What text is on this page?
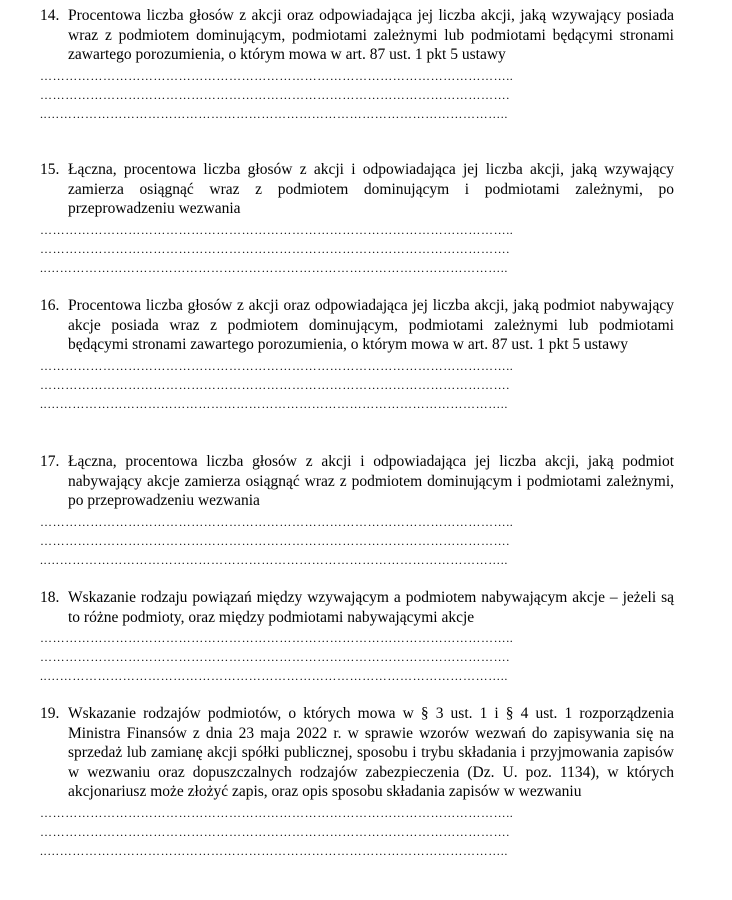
14. Procentowa liczba głosów z akcji oraz odpowiadająca jej liczba akcji, jaką wzywający posiada wraz z podmiotem dominującym, podmiotami zależnymi lub podmiotami będącymi stronami zawartego porozumienia, o którym mowa w art. 87 ust. 1 pkt 5 ustawy
…………………………………………………………………………………………………..
………………………………………………………………………………………………….
..………………………………………………………………………………………………..
15. Łączna, procentowa liczba głosów z akcji i odpowiadająca jej liczba akcji, jaką wzywający zamierza osiągnąć wraz z podmiotem dominującym i podmiotami zależnymi, po przeprowadzeniu wezwania
…………………………………………………………………………………………………..
………………………………………………………………………………………………….
..………………………………………………………………………………………………..
16. Procentowa liczba głosów z akcji oraz odpowiadająca jej liczba akcji, jaką podmiot nabywający akcje posiada wraz z podmiotem dominującym, podmiotami zależnymi lub podmiotami będącymi stronami zawartego porozumienia, o którym mowa w art. 87 ust. 1 pkt 5 ustawy
…………………………………………………………………………………………………..
………………………………………………………………………………………………….
..………………………………………………………………………………………………..
17. Łączna, procentowa liczba głosów z akcji i odpowiadająca jej liczba akcji, jaką podmiot nabywający akcje zamierza osiągnąć wraz z podmiotem dominującym i podmiotami zależnymi, po przeprowadzeniu wezwania
…………………………………………………………………………………………………..
………………………………………………………………………………………………….
..………………………………………………………………………………………………..
18. Wskazanie rodzaju powiązań między wzywającym a podmiotem nabywającym akcje – jeżeli są to różne podmioty, oraz między podmiotami nabywającymi akcje
…………………………………………………………………………………………………..
………………………………………………………………………………………………….
..………………………………………………………………………………………………..
19. Wskazanie rodzajów podmiotów, o których mowa w § 3 ust. 1 i § 4 ust. 1 rozporządzenia Ministra Finansów z dnia 23 maja 2022 r. w sprawie wzorów wezwań do zapisywania się na sprzedaż lub zamianę akcji spółki publicznej, sposobu i trybu składania i przyjmowania zapisów w wezwaniu oraz dopuszczalnych rodzajów zabezpieczenia (Dz. U. poz. 1134), w których akcjonariusz może złożyć zapis, oraz opis sposobu składania zapisów w wezwaniu
…………………………………………………………………………………………………..
………………………………………………………………………………………………….
..………………………………………………………………………………………………..
